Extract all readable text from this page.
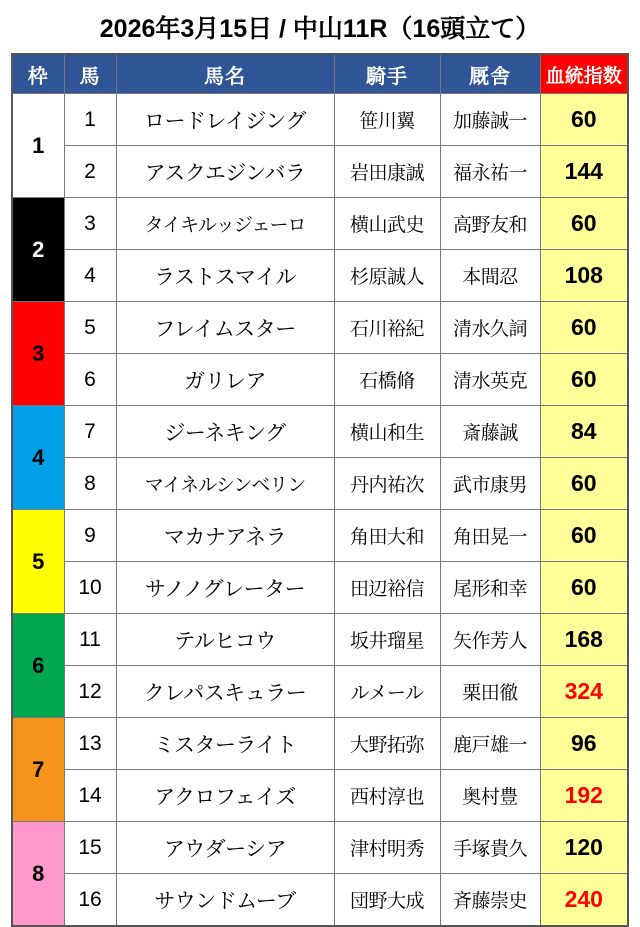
2026年3月15日 / 中山11R（16頭立て）
枠	馬	馬名	騎手	厩舎	血統指数
1	1	ロードレイジング	笹川翼	加藤誠一	60
	2	アスクエジンバラ	岩田康誠	福永祐一	144
2	3	タイキルッジェーロ	横山武史	高野友和	60
	4	ラストスマイル	杉原誠人	本間忍	108
3	5	フレイムスター	石川裕紀	清水久詞	60
	6	ガリレア	石橋脩	清水英克	60
4	7	ジーネキング	横山和生	斎藤誠	84
	8	マイネルシンベリン	丹内祐次	武市康男	60
5	9	マカナアネラ	角田大和	角田晃一	60
	10	サノノグレーター	田辺裕信	尾形和幸	60
6	11	テルヒコウ	坂井瑠星	矢作芳人	168
	12	クレパスキュラー	ルメール	栗田徹	324
7	13	ミスターライト	大野拓弥	鹿戸雄一	96
	14	アクロフェイズ	西村淳也	奥村豊	192
8	15	アウダーシア	津村明秀	手塚貴久	120
	16	サウンドムーブ	団野大成	斉藤崇史	240
